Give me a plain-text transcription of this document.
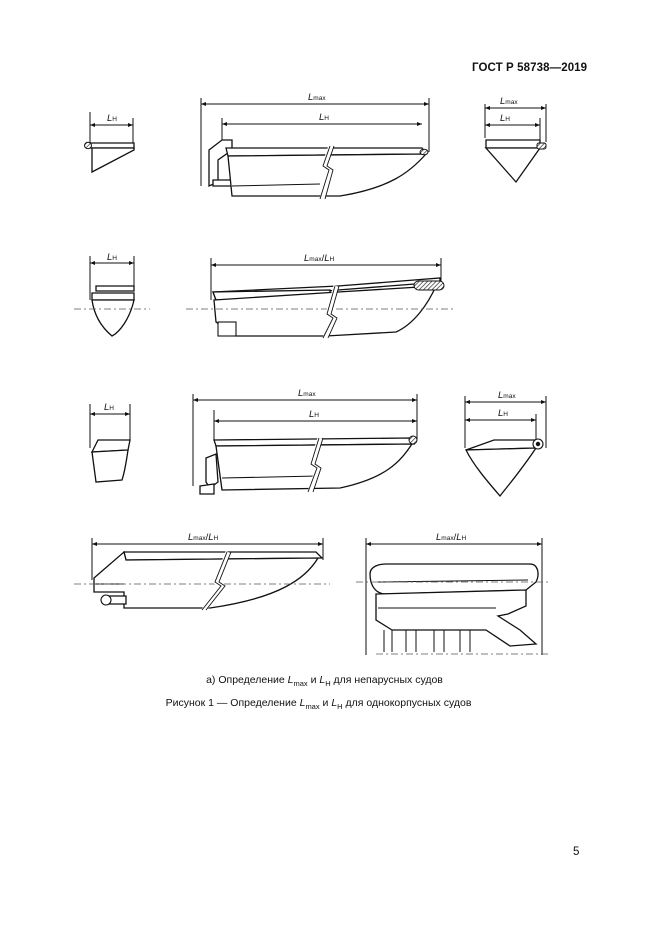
ГОСТ Р 58738—2019
LH
Lmax
LH
Lmax
LH
LH	Lmax/LH
LH
Lmax
LH
Lmax
LH
Lmax/LH	Lmax/LH
а) Определение $L_{max}$ и $L_H$ для непарусных судов
Рисунок 1 — Определение $L_{max}$ и $L_H$ для однокорпусных судов
5
